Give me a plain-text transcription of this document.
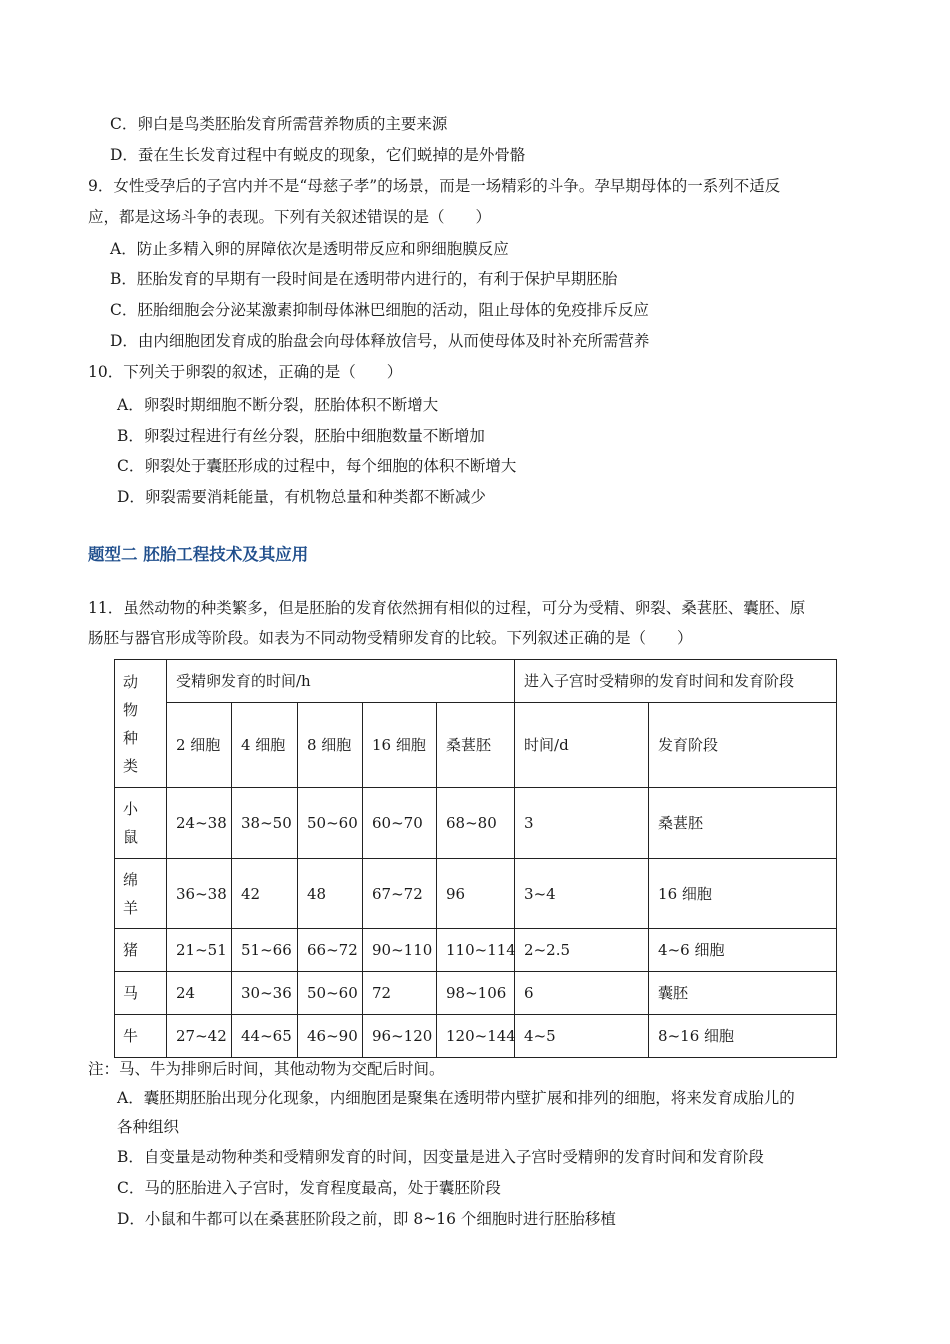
C．卵白是鸟类胚胎发育所需营养物质的主要来源
D．蚕在生长发育过程中有蜕皮的现象，它们蜕掉的是外骨骼
9．女性受孕后的子宫内并不是“母慈子孝”的场景，而是一场精彩的斗争。孕早期母体的一系列不适反
应，都是这场斗争的表现。下列有关叙述错误的是（　　）
A．防止多精入卵的屏障依次是透明带反应和卵细胞膜反应
B．胚胎发育的早期有一段时间是在透明带内进行的，有利于保护早期胚胎
C．胚胎细胞会分泌某激素抑制母体淋巴细胞的活动，阻止母体的免疫排斥反应
D．由内细胞团发育成的胎盘会向母体释放信号，从而使母体及时补充所需营养
10．下列关于卵裂的叙述，正确的是（　　）
A．卵裂时期细胞不断分裂，胚胎体积不断增大
B．卵裂过程进行有丝分裂，胚胎中细胞数量不断增加
C．卵裂处于囊胚形成的过程中，每个细胞的体积不断增大
D．卵裂需要消耗能量，有机物总量和种类都不断减少
题型二 胚胎工程技术及其应用
11．虽然动物的种类繁多，但是胚胎的发育依然拥有相似的过程，可分为受精、卵裂、桑葚胚、囊胚、原
肠胚与器官形成等阶段。如表为不同动物受精卵发育的比较。下列叙述正确的是（　　）
动
物
种
类	受精卵发育的时间/h					进入子宫时受精卵的发育时间和发育阶段	
	2 细胞	4 细胞	8 细胞	16 细胞	桑葚胚	时间/d	发育阶段

小
鼠	24~38	38~50	50~60	60~70	68~80	3	桑葚胚

绵
羊	36~38	42	48	67~72	96	3~4	16 细胞
猪	21~51	51~66	66~72	90~110	110~114	2~2.5	4~6 细胞
马	24	30~36	50~60	72	98~106	6	囊胚
牛	27~42	44~65	46~90	96~120	120~144	4~5	8~16 细胞
注：马、牛为排卵后时间，其他动物为交配后时间。
A．囊胚期胚胎出现分化现象，内细胞团是聚集在透明带内壁扩展和排列的细胞，将来发育成胎儿的
各种组织
B．自变量是动物种类和受精卵发育的时间，因变量是进入子宫时受精卵的发育时间和发育阶段
C．马的胚胎进入子宫时，发育程度最高，处于囊胚阶段
D．小鼠和牛都可以在桑葚胚阶段之前，即 8~16 个细胞时进行胚胎移植
